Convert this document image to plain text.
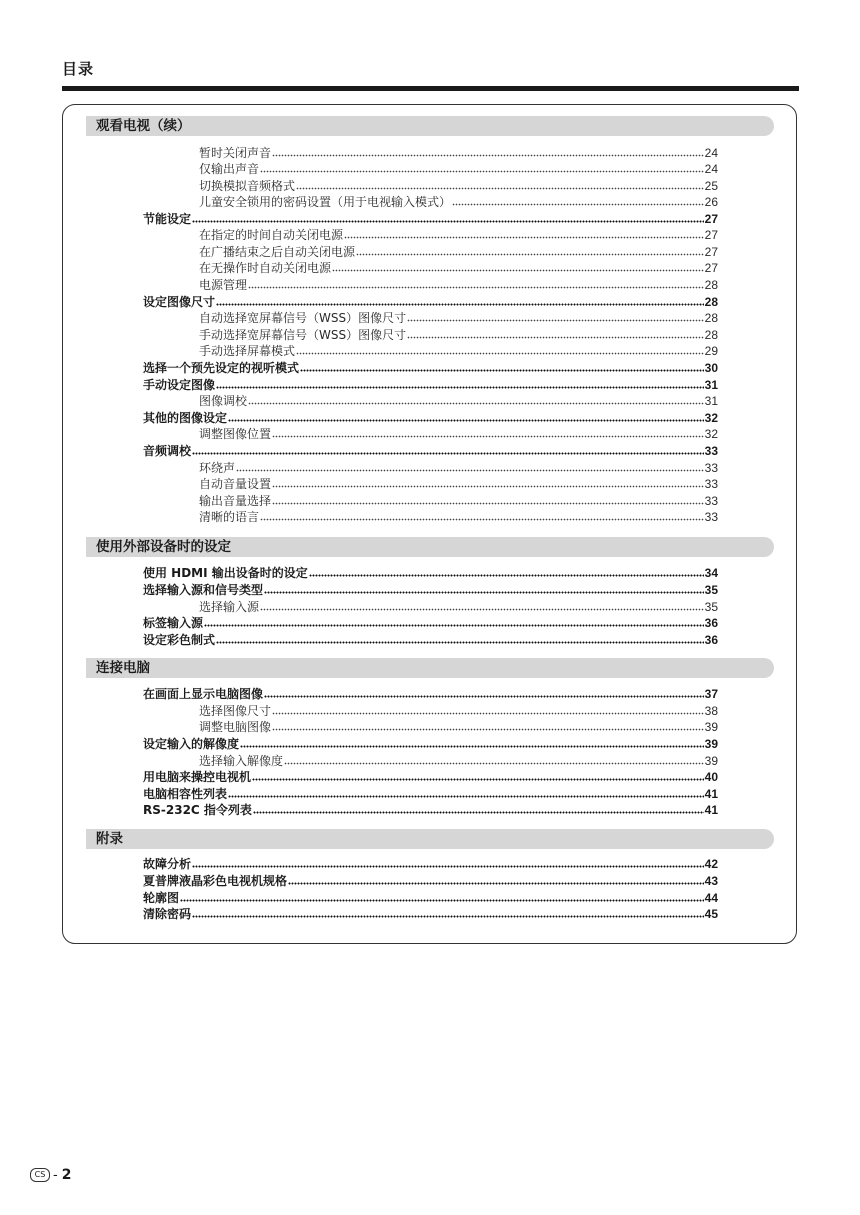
目录
观看电视（续）
暂时关闭声音	24
仅输出声音	24
切换模拟音频格式	25
儿童安全锁用的密码设置（用于电视输入模式）	26
节能设定	27
在指定的时间自动关闭电源	27
在广播结束之后自动关闭电源	27
在无操作时自动关闭电源	27
电源管理	28
设定图像尺寸	28
自动选择宽屏幕信号（WSS）图像尺寸	28
手动选择宽屏幕信号（WSS）图像尺寸	28
手动选择屏幕模式	29
选择一个预先设定的视听模式	30
手动设定图像	31
图像调校	31
其他的图像设定	32
调整图像位置	32
音频调校	33
环绕声	33
自动音量设置	33
输出音量选择	33
清晰的语言	33
使用外部设备时的设定
使用 HDMI 输出设备时的设定	34
选择输入源和信号类型	35
选择输入源	35
标签输入源	36
设定彩色制式	36
连接电脑
在画面上显示电脑图像	37
选择图像尺寸	38
调整电脑图像	39
设定输入的解像度	39
选择输入解像度	39
用电脑来操控电视机	40
电脑相容性列表	41
RS-232C 指令列表	41
附录
故障分析	42
夏普牌液晶彩色电视机规格	43
轮廓图	44
清除密码	45
CS - 2
